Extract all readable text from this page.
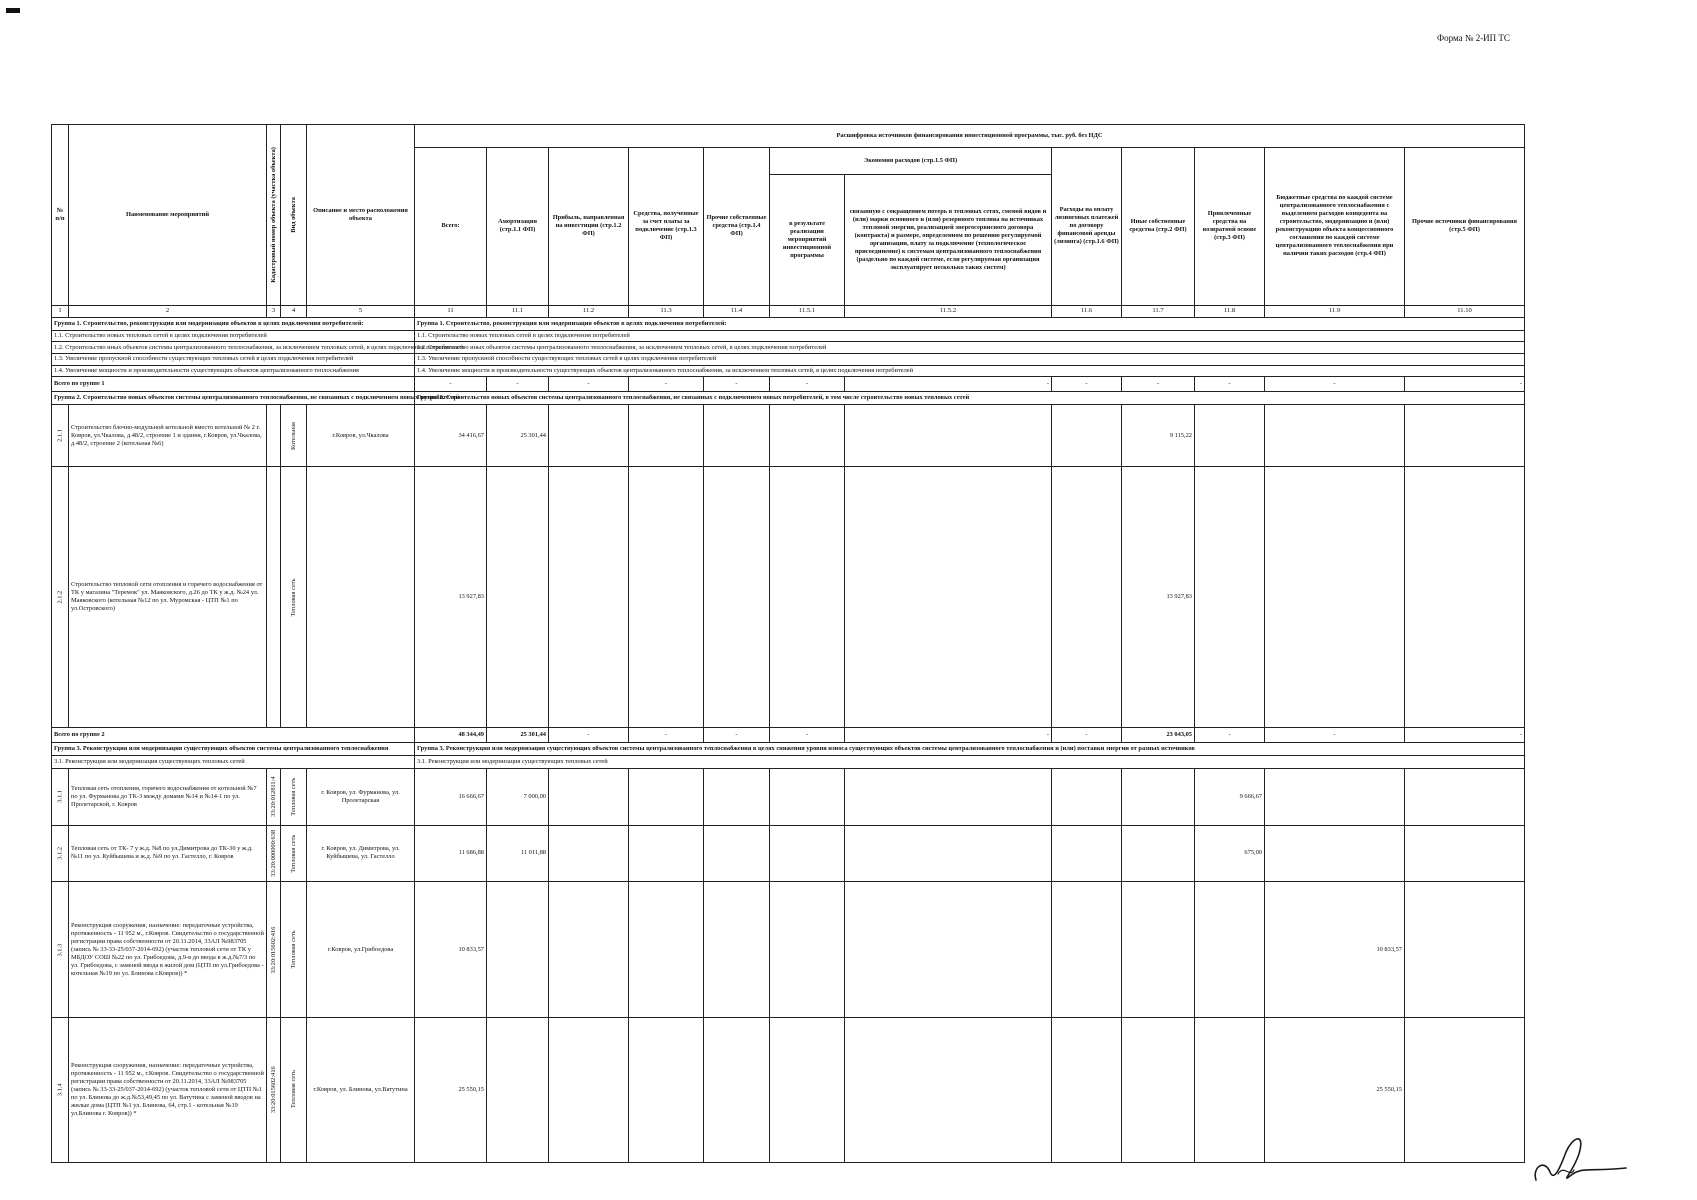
Форма № 2-ИП ТС
№ п/п	Наименование мероприятий	Кадастровый номер объекта (участка объекта)	Вид объекта	Описание и место расположения объекта	Расшифровка источников финансирования инвестиционной программы, тыс. руб. без НДС											
					Всего:	Амортизация (стр.1.1 ФП)	Прибыль, направленная на инвестиции (стр.1.2 ФП)	Средства, полученные за счет платы за подключение (стр.1.3 ФП)	Прочие собственные средства (стр.1.4 ФП)	Экономия расходов (стр.1.5 ФП)		Расходы на оплату лизинговых платежей по договору финансовой аренды (лизинга) (стр.1.6 ФП)	Иные собственные средства (стр.2 ФП)	Привлеченные средства на возвратной основе (стр.3 ФП)	Бюджетные средства по каждой системе централизованного теплоснабжения с выделением расходов концедента на строительство, модернизацию и (или) реконструкцию объекта концессионного соглашения по каждой системе централизованного теплоснабжения при наличии таких расходов (стр.4 ФП)	Прочие источники финансирования (стр.5 ФП)
										в результате реализации мероприятий инвестиционной программы	связанную с сокращением потерь в тепловых сетях, сменой видов и (или) марки основного и (или) резервного топлива на источниках тепловой энергии, реализацией энергосервисного договора (контракта) и размере, определенном по решению регулируемой организации, плату за подключение (технологическое присоединение) к системам централизованного теплоснабжения (раздельно по каждой системе, если регулируемая организация эксплуатирует несколько таких систем)					
1	2	3	4	5	11	11.1	11.2	11.3	11.4	11.5.1	11.5.2	11.6	11.7	11.8	11.9	11.10
Группа 1. Строительство, реконструкция или модернизация объектов в целях подключения потребителей:					Группа 1. Строительство, реконструкция или модернизация объектов в целях подключения потребителей:											
1.1. Строительство новых тепловых сетей в целях подключения потребителей					1.1. Строительство новых тепловых сетей в целях подключения потребителей											
1.2. Строительство иных объектов системы централизованного теплоснабжения, за исключением тепловых сетей, в целях подключения потребителей					1.2. Строительство иных объектов системы централизованного теплоснабжения, за исключением тепловых сетей, в целях подключения потребителей											
1.3. Увеличение пропускной способности существующих тепловых сетей в целях подключения потребителей					1.3. Увеличение пропускной способности существующих тепловых сетей в целях подключения потребителей											
1.4. Увеличение мощности и производительности существующих объектов централизованного теплоснабжения					1.4. Увеличение мощности и производительности существующих объектов централизованного теплоснабжения, за исключением тепловых сетей, в целях подключения потребителей											
Всего по группе 1					-	-	-	-	-	-	-	-	-	-	-	-
Группа 2. Строительство новых объектов системы централизованного теплоснабжения, не связанных с подключением новых потребителей					Группа 2. Строительство новых объектов системы централизованного теплоснабжения, не связанных с подключением новых потребителей, в том числе строительство новых тепловых сетей											
2.1.1	Строительство блочно-модульной котельной вместо котельной № 2 г. Ковров, ул.Чкалова, д.48/2, строение 1 и здания, г.Ковров, ул.Чкалова, д.48/2, строение 2 (котельная №6)		Котельная	г.Ковров, ул.Чкалова	34 416,67	25 301,44							9 115,22			
2.1.2	Строительство тепловой сети отопления и горячего водоснабжения от ТК у магазина "Теремок" ул. Маяковского, д.26 до ТК у ж.д. №24 ул. Маяковского (котельная №12 по ул. Муромская - ЦТП №1 по ул.Островского)		Тепловая сеть		13 927,83								13 927,83			
Всего по группе 2					48 344,49	25 301,44	-	-	-	-	-	-	23 043,05	-	-	-
Группа 3. Реконструкция или модернизация существующих объектов системы централизованного теплоснабжения					Группа 3. Реконструкция или модернизация существующих объектов системы централизованного теплоснабжения в целях снижения уровня износа существующих объектов системы централизованного теплоснабжения и (или) поставки энергии от разных источников											
3.1. Реконструкция или модернизация существующих тепловых сетей					3.1. Реконструкция или модернизация существующих тепловых сетей											
3.1.1	Тепловая сеть отопления, горячего водоснабжения от котельной №7 по ул. Фурманова до ТК-3 между домами №14 и №14-1 по ул. Пролетарской, г. Ковров	33:20:012811:4	Тепловая сеть	г. Ковров, ул. Фурманова, ул. Пролетарская	16 666,67	7 000,00								9 666,67		
3.1.2	Тепловая сеть от ТК- 7 у ж.д. №8 по ул.Димитрова до ТК-30 у ж.д. №11 по ул. Куйбышева и ж.д. №9 по ул. Гастелло, г. Ковров	33:20:000000:638	Тепловая сеть	г. Ковров, ул. Димитрова, ул. Куйбышева, ул. Гастелло	11 686,88	11 011,88								675,00		
3.1.3	Реконструкция сооружения, назначение: передаточные устройства, протяженность - 11 952 м., г.Ковров. Свидетельство о государственной регистрации права собственности от 20.11.2014, 33АЛ №983705 (запись № 33-33-25/037-2014-692) (участок тепловой сети от ТК у МБДОУ СОШ №22 по ул. Грибоедова, д.9-в до ввода в ж.д.№7/3 по ул. Грибоедова, с заменой ввода в жилой дом (ЦТП по ул.Грибоедова - котельная №19 по ул. Блинова г.Ковров)) *	33:20:015602:416	Тепловая сеть	г.Ковров, ул.Грибоедова	10 833,57										10 833,57	
3.1.4	Реконструкция сооружения, назначение: передаточные устройства, протяженность - 11 952 м., г.Ковров. Свидетельство о государственной регистрации права собственности от 20.11.2014, 33АЛ №983705 (запись № 33-33-25/037-2014-692) (участок тепловой сети от ЦТП №1 по ул. Блинова до ж.д.№53,49,45 по ул. Ватутина с заменой вводов на жилые дома (ЦТП №1 ул. Блинова, 64, стр.1 - котельная №19 ул.Блинова г. Ковров)) *	33:20:015602:416	Тепловая сеть	г.Ковров, ул. Блинова, ул.Ватутина	25 550,15										25 550,15	
